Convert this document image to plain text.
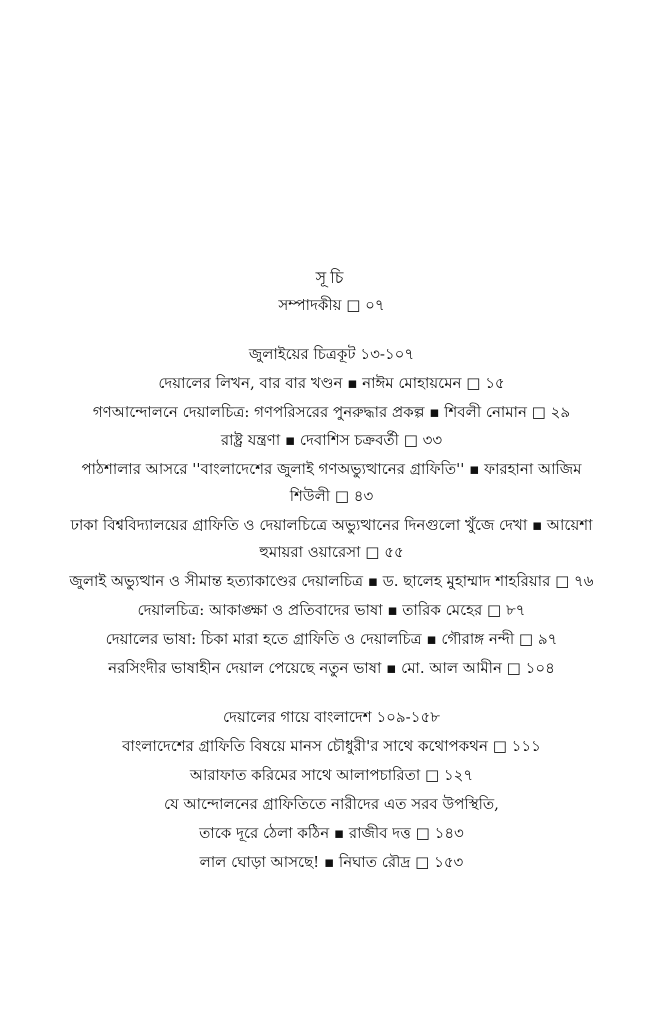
সূচি
সম্পাদকীয় □ ০৭
জুলাইয়ের চিত্রকূট ১৩-১০৭
দেয়ালের লিখন, বার বার খণ্ডন ▪ নাঈম মোহায়মেন □ ১৫
গণআন্দোলনে দেয়ালচিত্র: গণপরিসরের পুনরুদ্ধার প্রকল্প ▪ শিবলী নোমান □ ২৯
রাষ্ট্র যন্ত্রণা ▪ দেবাশিস চক্রবর্তী □ ৩৩
পাঠশালার আসরে ''বাংলাদেশের জুলাই গণঅভ্যুত্থানের গ্রাফিতি'' ▪ ফারহানা আজিম
শিউলী □ ৪৩
ঢাকা বিশ্ববিদ্যালয়ের গ্রাফিতি ও দেয়ালচিত্রে অভ্যুত্থানের দিনগুলো খুঁজে দেখা ▪ আয়েশা
হুমায়রা ওয়ারেসা □ ৫৫
জুলাই অভ্যুত্থান ও সীমান্ত হত্যাকাণ্ডের দেয়ালচিত্র ▪ ড. ছালেহ মুহাম্মাদ শাহরিয়ার □ ৭৬
দেয়ালচিত্র: আকাঙ্ক্ষা ও প্রতিবাদের ভাষা ▪ তারিক মেহের □ ৮৭
দেয়ালের ভাষা: চিকা মারা হতে গ্রাফিতি ও দেয়ালচিত্র ▪ গৌরাঙ্গ নন্দী □ ৯৭
নরসিংদীর ভাষাহীন দেয়াল পেয়েছে নতুন ভাষা ▪ মো. আল আমীন □ ১০৪
দেয়ালের গায়ে বাংলাদেশ ১০৯-১৫৮
বাংলাদেশের গ্রাফিতি বিষয়ে মানস চৌধুরী'র সাথে কথোপকথন □ ১১১
আরাফাত করিমের সাথে আলাপচারিতা □ ১২৭
যে আন্দোলনের গ্রাফিতিতে নারীদের এত সরব উপস্থিতি,
তাকে দূরে ঠেলা কঠিন ▪ রাজীব দত্ত □ ১৪৩
লাল ঘোড়া আসছে! ▪ নিঘাত রৌদ্র □ ১৫৩
